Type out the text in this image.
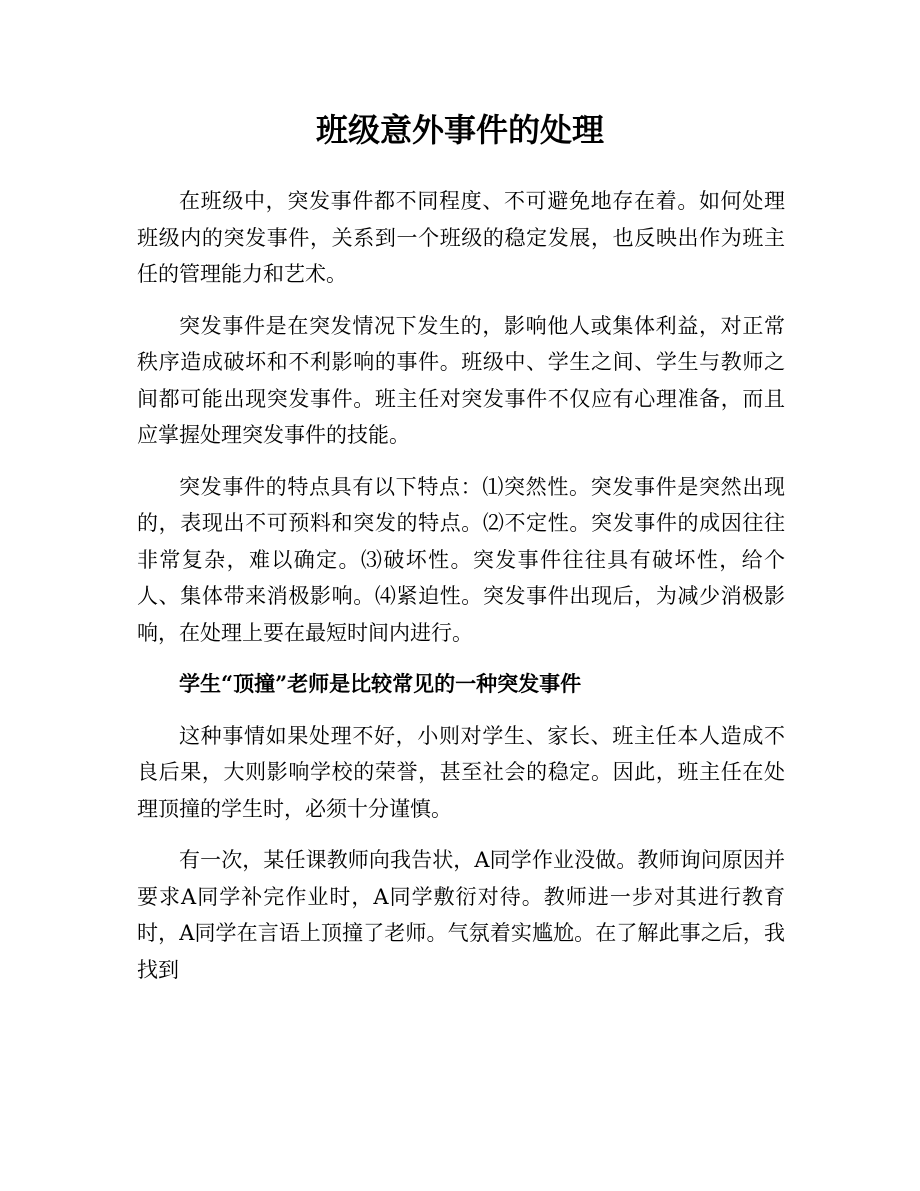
班级意外事件的处理

在班级中，突发事件都不同程度、不可避免地存在着。如何处理班级内的突发事件，关系到一个班级的稳定发展，也反映出作为班主任的管理能力和艺术。

突发事件是在突发情况下发生的，影响他人或集体利益，对正常秩序造成破坏和不利影响的事件。班级中、学生之间、学生与教师之间都可能出现突发事件。班主任对突发事件不仅应有心理准备，而且应掌握处理突发事件的技能。

突发事件的特点具有以下特点：⑴突然性。突发事件是突然出现的，表现出不可预料和突发的特点。⑵不定性。突发事件的成因往往非常复杂，难以确定。⑶破坏性。突发事件往往具有破坏性，给个人、集体带来消极影响。⑷紧迫性。突发事件出现后，为减少消极影响，在处理上要在最短时间内进行。

学生“顶撞”老师是比较常见的一种突发事件

这种事情如果处理不好，小则对学生、家长、班主任本人造成不良后果，大则影响学校的荣誉，甚至社会的稳定。因此，班主任在处理顶撞的学生时，必须十分谨慎。

有一次，某任课教师向我告状，A同学作业没做。教师询问原因并要求A同学补完作业时，A同学敷衍对待。教师进一步对其进行教育时，A同学在言语上顶撞了老师。气氛着实尴尬。在了解此事之后，我找到
